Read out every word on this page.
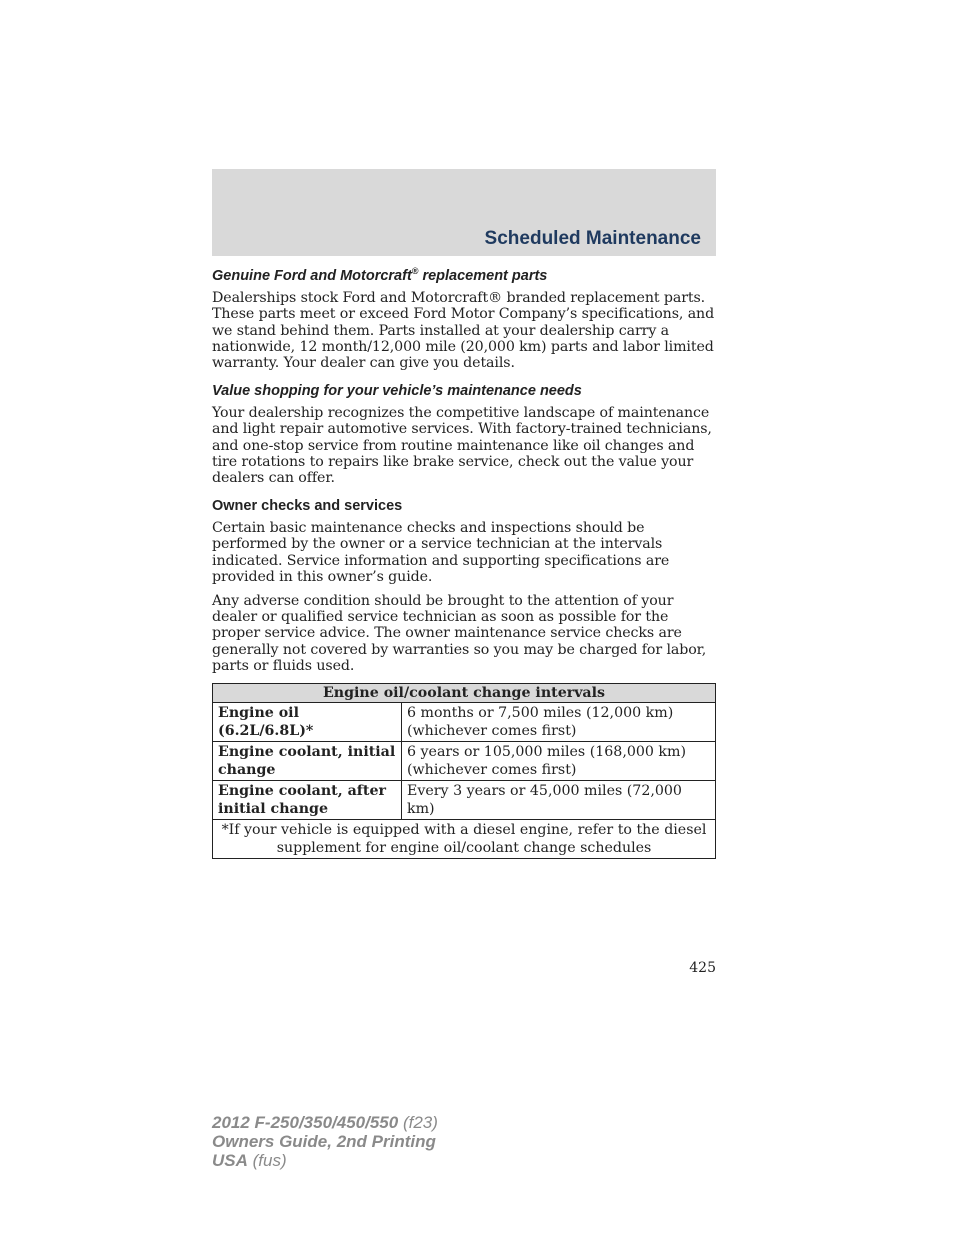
Scheduled Maintenance
Genuine Ford and Motorcraft® replacement parts

Dealerships stock Ford and Motorcraft® branded replacement parts. These parts meet or exceed Ford Motor Company’s specifications, and we stand behind them. Parts installed at your dealership carry a nationwide, 12 month/12,000 mile (20,000 km) parts and labor limited warranty. Your dealer can give you details.

Value shopping for your vehicle’s maintenance needs

Your dealership recognizes the competitive landscape of maintenance and light repair automotive services. With factory-trained technicians, and one-stop service from routine maintenance like oil changes and tire rotations to repairs like brake service, check out the value your dealers can offer.

Owner checks and services

Certain basic maintenance checks and inspections should be performed by the owner or a service technician at the intervals indicated. Service information and supporting specifications are provided in this owner’s guide.

Any adverse condition should be brought to the attention of your dealer or qualified service technician as soon as possible for the proper service advice. The owner maintenance service checks are generally not covered by warranties so you may be charged for labor, parts or fluids used.

Engine oil/coolant change intervals	
Engine oil (6.2L/6.8L)*	6 months or 7,500 miles (12,000 km) (whichever comes first)
Engine coolant, initial change	6 years or 105,000 miles (168,000 km) (whichever comes first)
Engine coolant, after initial change	Every 3 years or 45,000 miles (72,000 km)
*If your vehicle is equipped with a diesel engine, refer to the diesel supplement for engine oil/coolant change schedules	
425
2012 F-250/350/450/550 (f23)
Owners Guide, 2nd Printing
USA (fus)
